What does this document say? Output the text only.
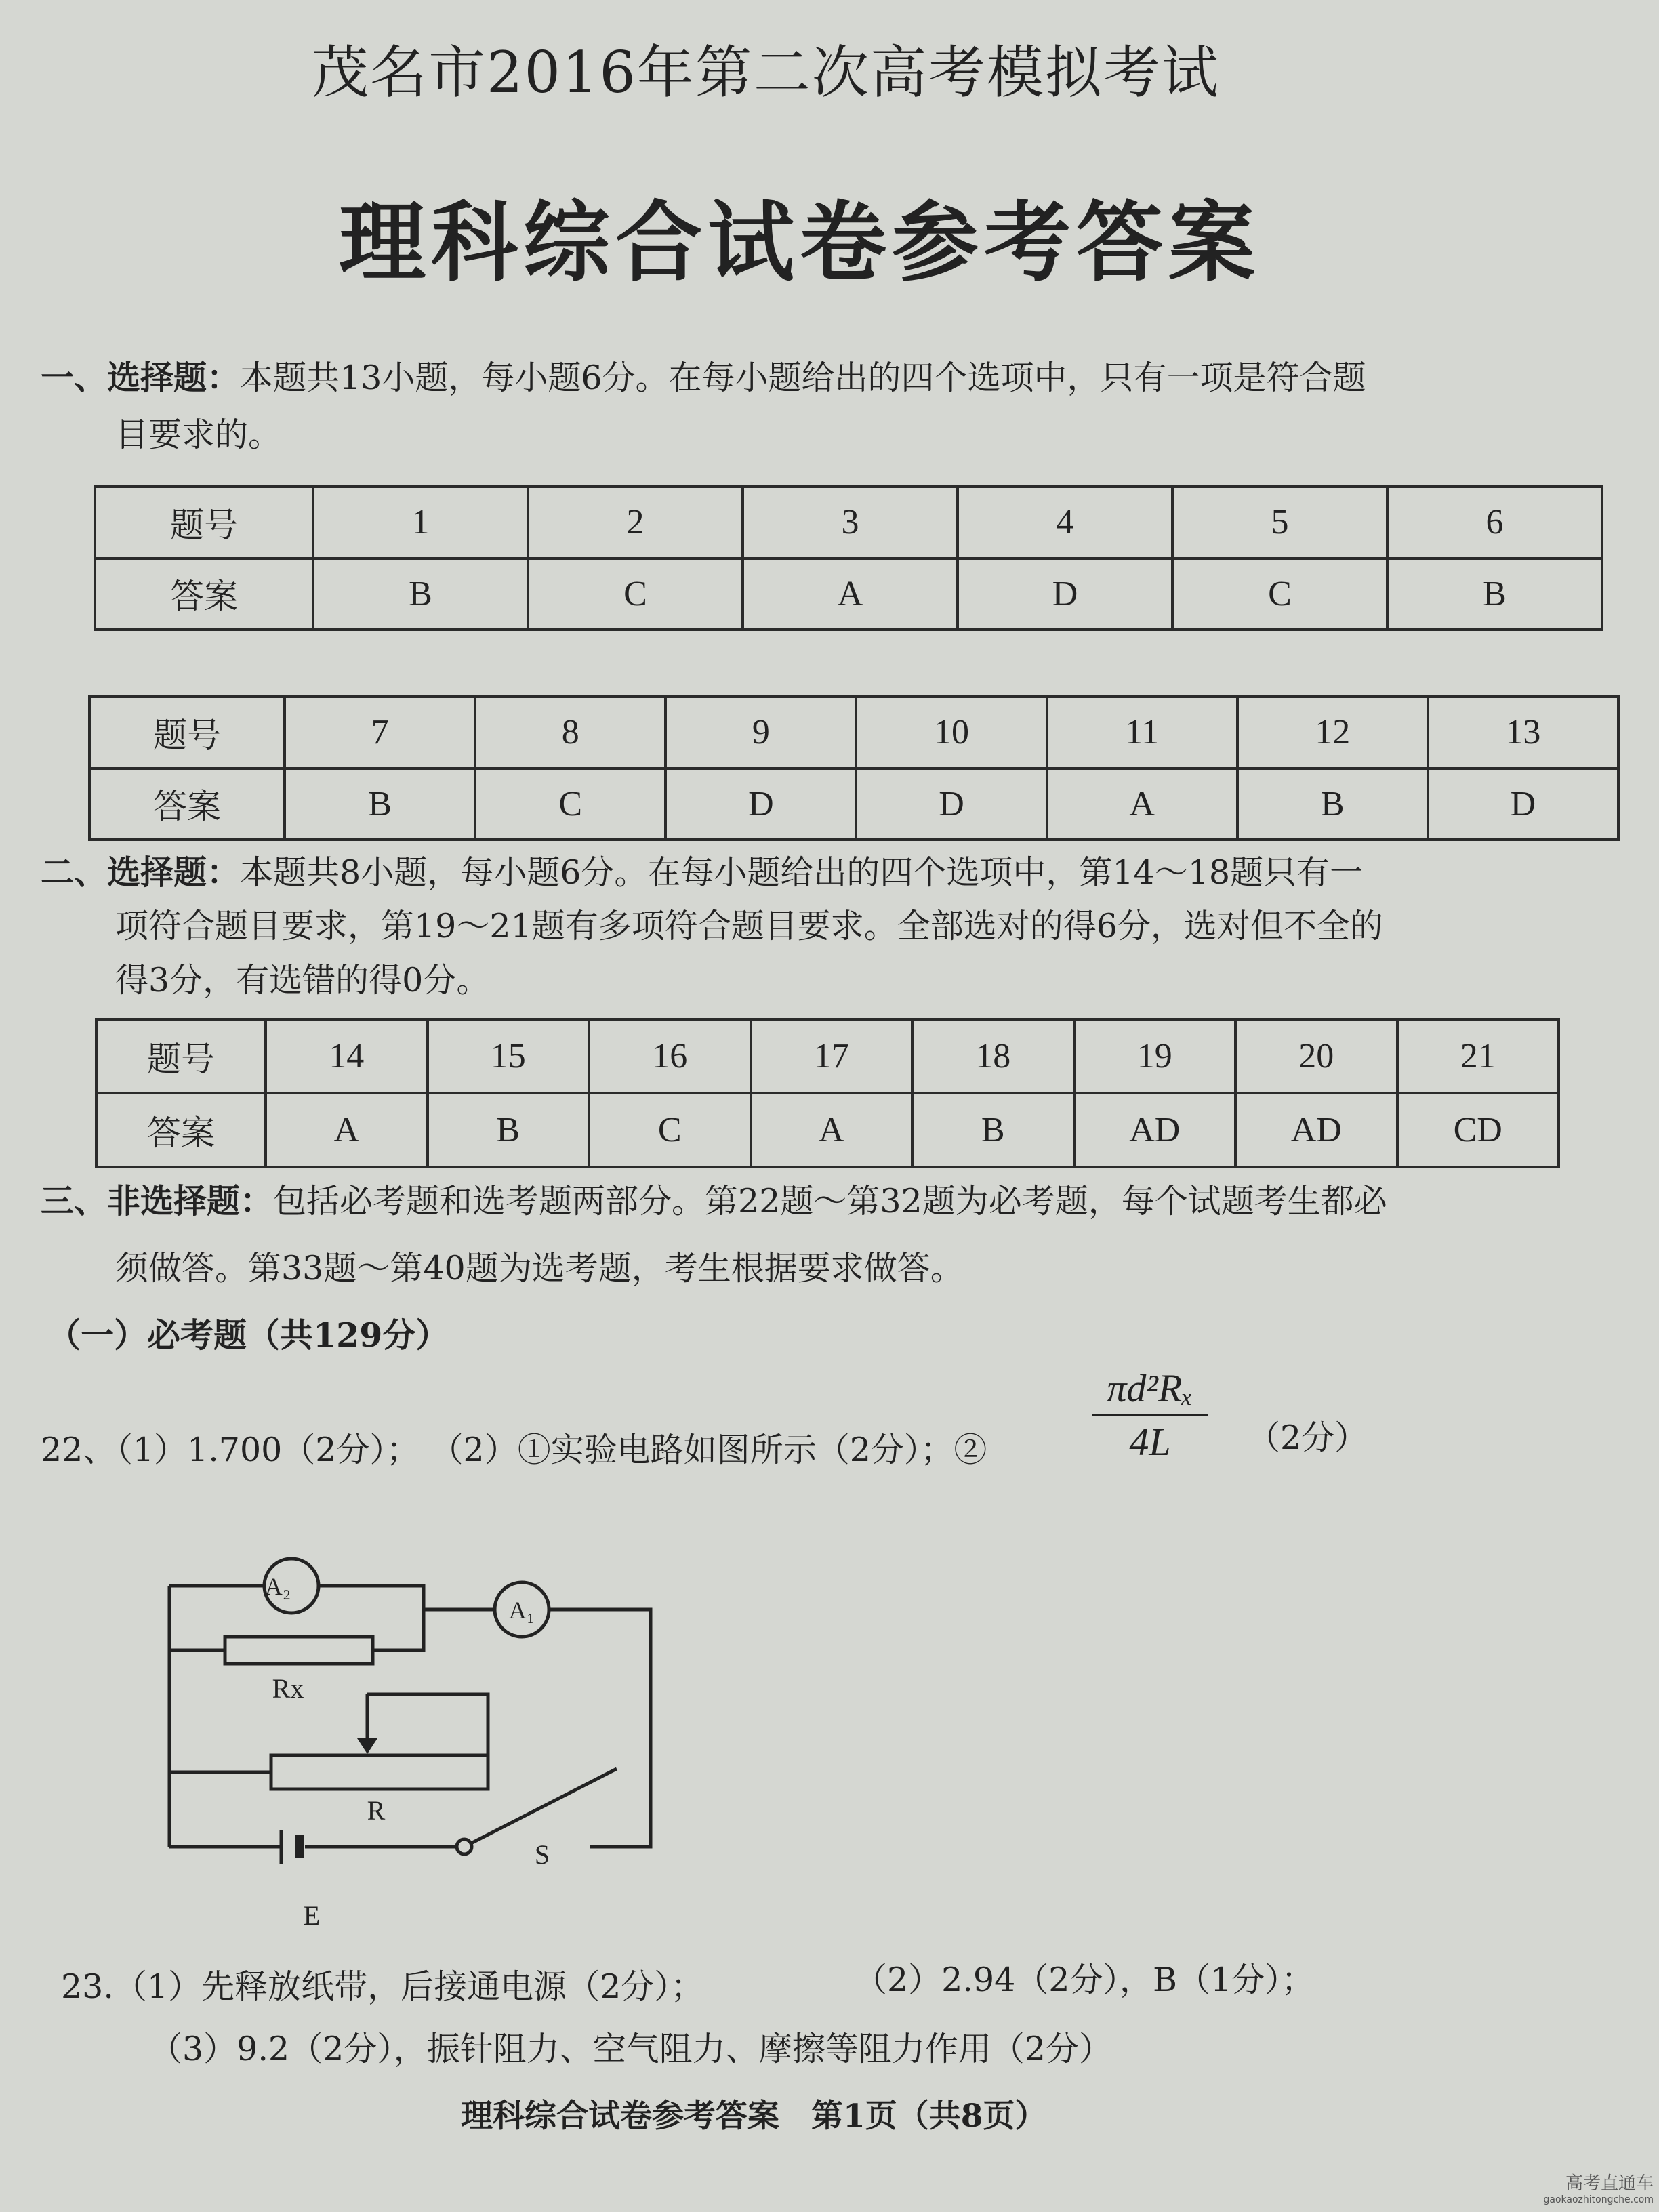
茂名市2016年第二次高考模拟考试
理科综合试卷参考答案
一、选择题：本题共13小题，每小题6分。在每小题给出的四个选项中，只有一项是符合题
目要求的。
题号	1	2	3	4	5	6
答案	B	C	A	D	C	B
题号	7	8	9	10	11	12	13
答案	B	C	D	D	A	B	D
二、选择题：本题共8小题，每小题6分。在每小题给出的四个选项中，第14～18题只有一
项符合题目要求，第19～21题有多项符合题目要求。全部选对的得6分，选对但不全的
得3分，有选错的得0分。
题号	14	15	16	17	18	19	20	21
答案	A	B	C	A	B	AD	AD	CD
三、非选择题：包括必考题和选考题两部分。第22题～第32题为必考题，每个试题考生都必
须做答。第33题～第40题为选考题，考生根据要求做答。
（一）必考题（共129分）
22、（1）1.700（2分）； （2）①实验电路如图所示（2分）；②	$\frac{\text{πd²Rₓ}}{4L} (2$分）
A₂
A₁
Rx
R
S
E
23.（1）先释放纸带，后接通电源（2分）；	（2）2.94（2分），B（1分）；
（3）9.2（2分），振针阻力、空气阻力、摩擦等阻力作用（2分）
理科综合试卷参考答案　第1页（共8页）
高考直通车
gaokaozhitongche.com
